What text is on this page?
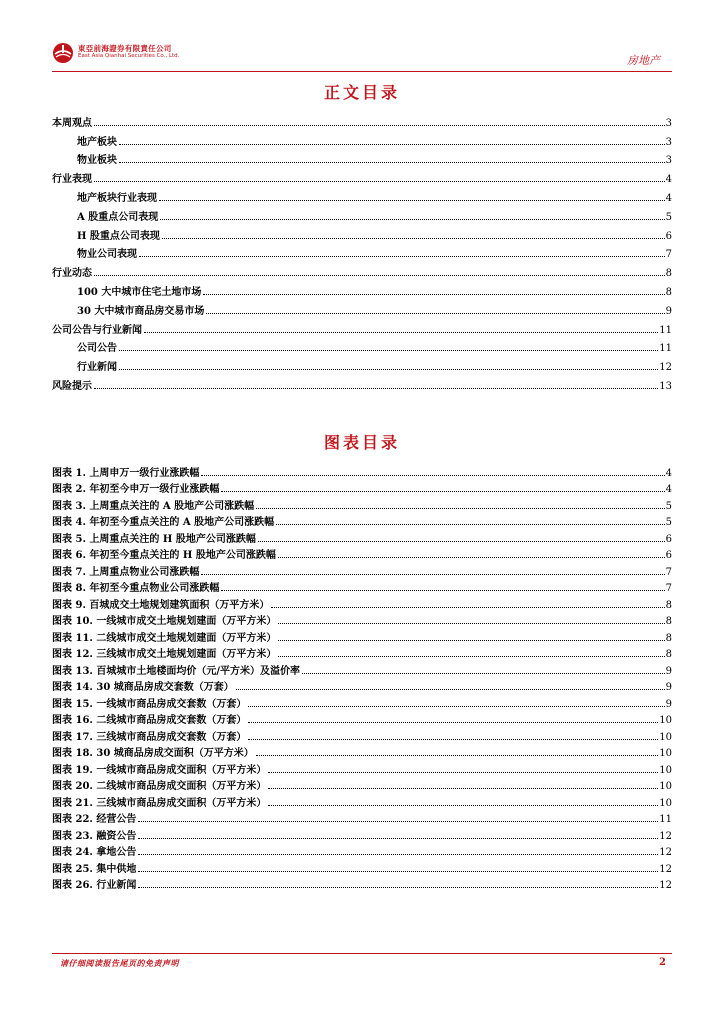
東亞前海證券有限責任公司
East Asia Qianhai Securities Co., Ltd.	房地产
正文目录
本周观点	3
地产板块	3
物业板块	3
行业表现	4
地产板块行业表现	4
A 股重点公司表现	5
H 股重点公司表现	6
物业公司表现	7
行业动态	8
100 大中城市住宅土地市场	8
30 大中城市商品房交易市场	9
公司公告与行业新闻	11
公司公告	11
行业新闻	12
风险提示	13
图表目录
图表 1. 上周申万一级行业涨跌幅	4
图表 2. 年初至今申万一级行业涨跌幅	4
图表 3. 上周重点关注的 A 股地产公司涨跌幅	5
图表 4. 年初至今重点关注的 A 股地产公司涨跌幅	5
图表 5. 上周重点关注的 H 股地产公司涨跌幅	6
图表 6. 年初至今重点关注的 H 股地产公司涨跌幅	6
图表 7. 上周重点物业公司涨跌幅	7
图表 8. 年初至今重点物业公司涨跌幅	7
图表 9. 百城成交土地规划建筑面积（万平方米）	8
图表 10. 一线城市成交土地规划建面（万平方米）	8
图表 11. 二线城市成交土地规划建面（万平方米）	8
图表 12. 三线城市成交土地规划建面（万平方米）	8
图表 13. 百城城市土地楼面均价（元/平方米）及溢价率	9
图表 14. 30 城商品房成交套数（万套）	9
图表 15. 一线城市商品房成交套数（万套）	9
图表 16. 二线城市商品房成交套数（万套）	10
图表 17. 三线城市商品房成交套数（万套）	10
图表 18. 30 城商品房成交面积（万平方米）	10
图表 19. 一线城市商品房成交面积（万平方米）	10
图表 20. 二线城市商品房成交面积（万平方米）	10
图表 21. 三线城市商品房成交面积（万平方米）	10
图表 22. 经营公告	11
图表 23. 融资公告	12
图表 24. 拿地公告	12
图表 25. 集中供地	12
图表 26. 行业新闻	12
请仔细阅读报告尾页的免责声明	2
